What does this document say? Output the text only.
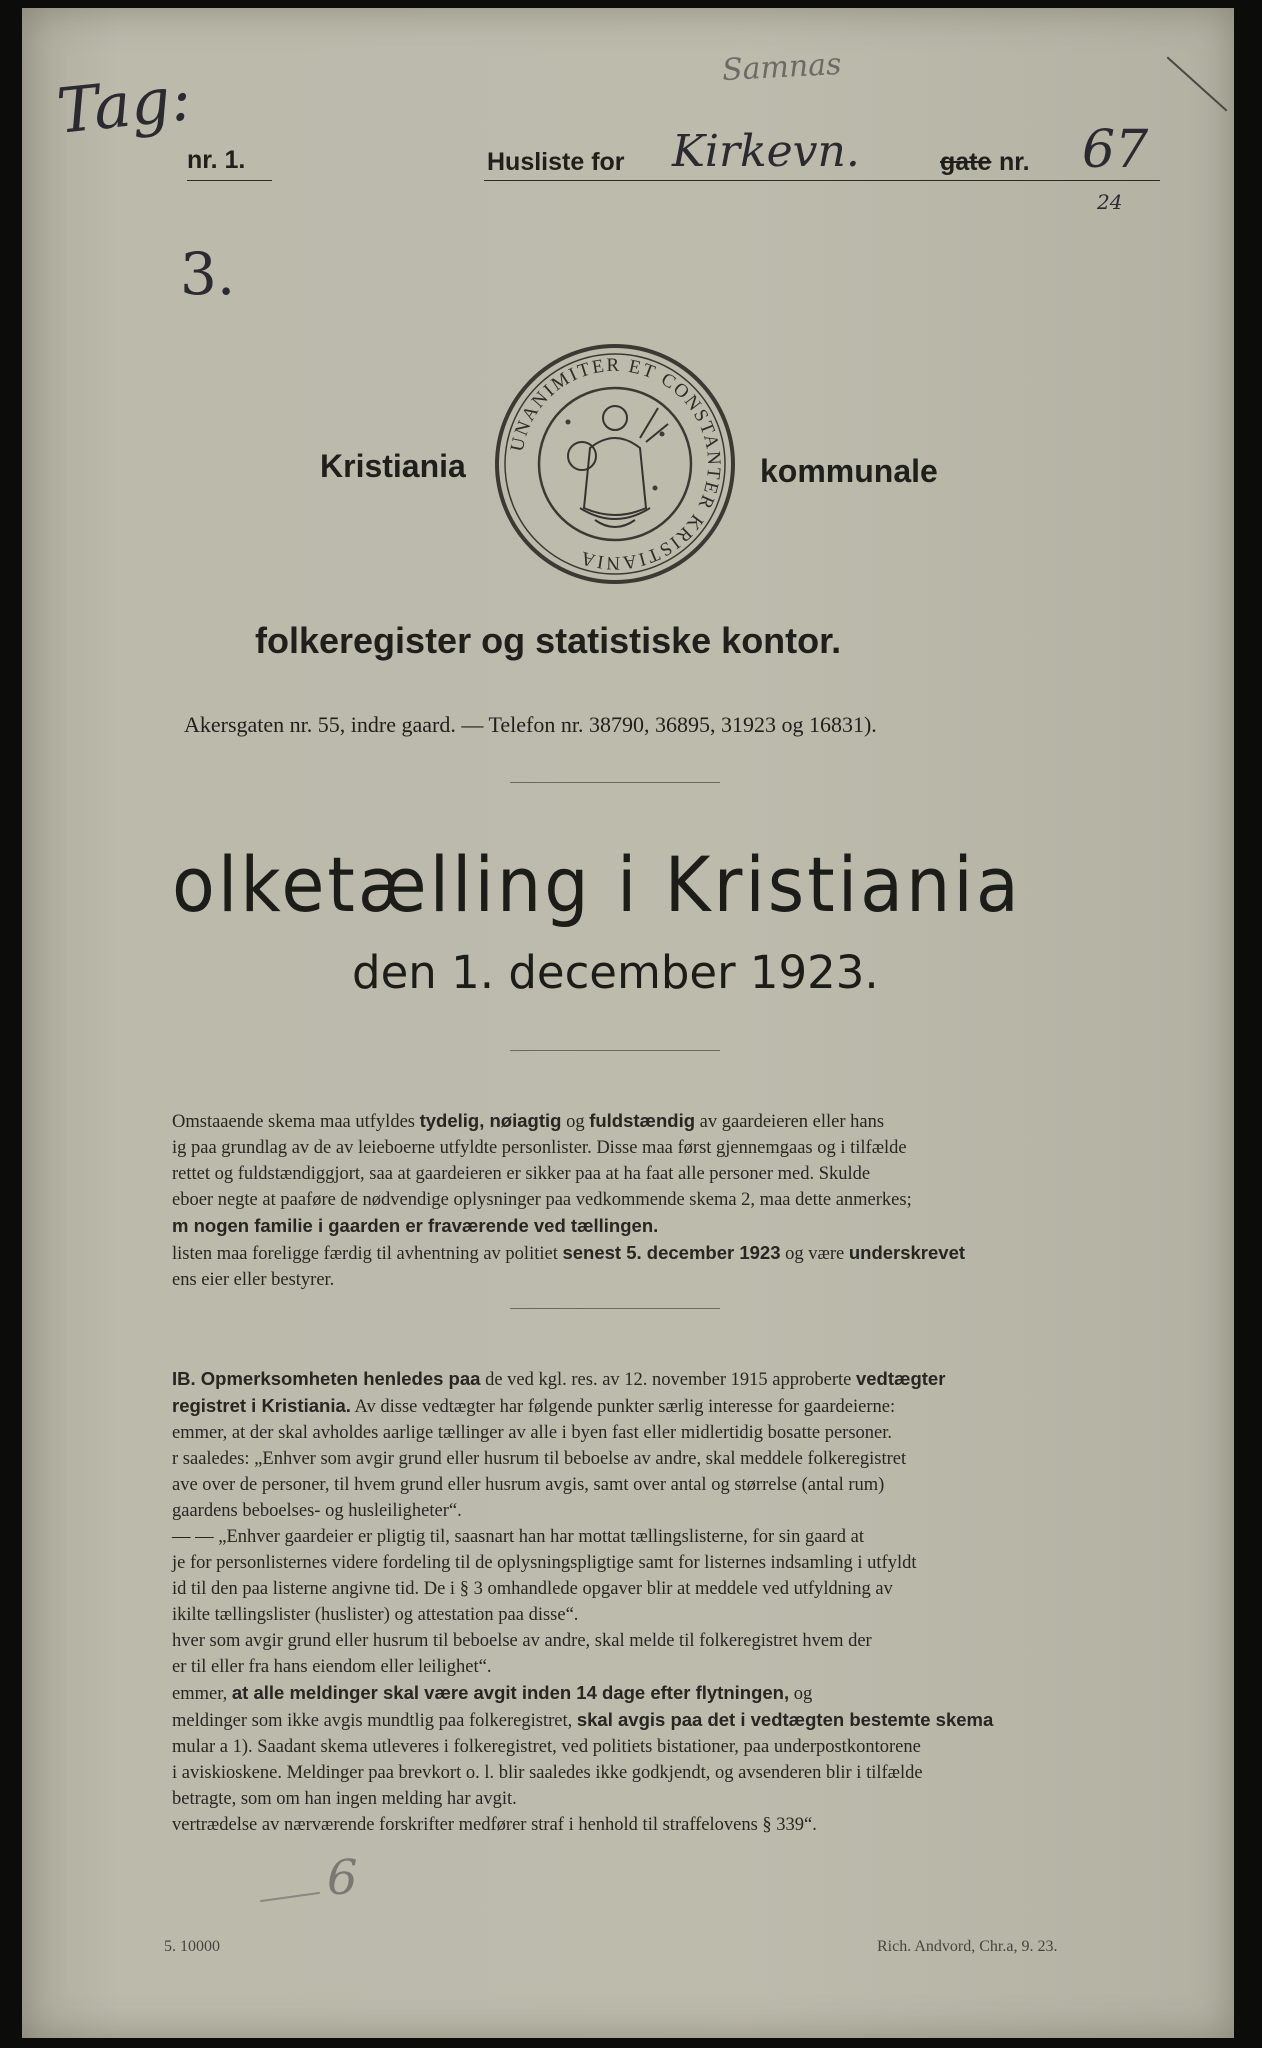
Tag:	Samnas
nr. 1.	Husliste for Kirkevn.	gate nr. 67
24
3.
Kristiania	kommunale
UNANIMITER ET CONSTANTER KRISTIANIA
folkeregister og statistiske kontor.
Akersgaten nr. 55, indre gaard. — Telefon nr. 38790, 36895, 31923 og 16831).
olketælling i Kristiania
den 1. december 1923.

Omstaaende skema maa utfyldes tydelig, nøiagtig og fuldstændig av gaardeieren eller hans

ig paa grundlag av de av leieboerne utfyldte personlister. Disse maa først gjennemgaas og i tilfælde

rettet og fuldstændiggjort, saa at gaardeieren er sikker paa at ha faat alle personer med. Skulde

eboer negte at paaføre de nødvendige oplysninger paa vedkommende skema 2, maa dette anmerkes;

m nogen familie i gaarden er fraværende ved tællingen.

listen maa foreligge færdig til avhentning av politiet senest 5. december 1923 og være underskrevet

ens eier eller bestyrer.

IB. Opmerksomheten henledes paa de ved kgl. res. av 12. november 1915 approberte vedtægter

registret i Kristiania. Av disse vedtægter har følgende punkter særlig interesse for gaardeierne:

emmer, at der skal avholdes aarlige tællinger av alle i byen fast eller midlertidig bosatte personer.

r saaledes: „Enhver som avgir grund eller husrum til beboelse av andre, skal meddele folkeregistret

ave over de personer, til hvem grund eller husrum avgis, samt over antal og størrelse (antal rum)

gaardens beboelses- og husleiligheter“.

— — „Enhver gaardeier er pligtig til, saasnart han har mottat tællingslisterne, for sin gaard at

je for personlisternes videre fordeling til de oplysningspligtige samt for listernes indsamling i utfyldt

id til den paa listerne angivne tid. De i § 3 omhandlede opgaver blir at meddele ved utfyldning av

ikilte tællingslister (huslister) og attestation paa disse“.

hver som avgir grund eller husrum til beboelse av andre, skal melde til folkeregistret hvem der

er til eller fra hans eiendom eller leilighet“.

emmer, at alle meldinger skal være avgit inden 14 dage efter flytningen, og

meldinger som ikke avgis mundtlig paa folkeregistret, skal avgis paa det i vedtægten bestemte skema

mular a 1). Saadant skema utleveres i folkeregistret, ved politiets bistationer, paa underpostkontorene

i aviskioskene. Meldinger paa brevkort o. l. blir saaledes ikke godkjendt, og avsenderen blir i tilfælde

betragte, som om han ingen melding har avgit.

vertrædelse av nærværende forskrifter medfører straf i henhold til straffelovens § 339“.

6
5. 10000	Rich. Andvord, Chr.a, 9. 23.
